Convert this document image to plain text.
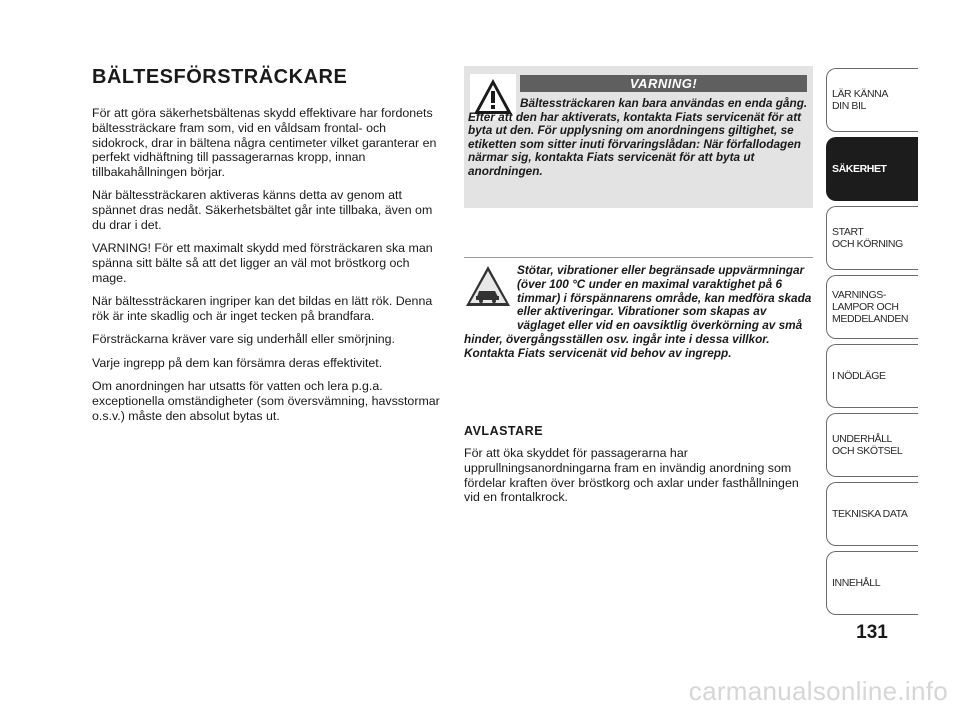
BÄLTESFÖRSTRÄCKARE

För att göra säkerhetsbältenas skydd effektivare har fordonets bältessträckare fram som, vid en våldsam frontal- och sidokrock, drar in bältena några centimeter vilket garanterar en perfekt vidhäftning till passagerarnas kropp, innan tillbakahållningen börjar.

När bältessträckaren aktiveras känns detta av genom att spännet dras nedåt. Säkerhetsbältet går inte tillbaka, även om du drar i det.

VARNING! För ett maximalt skydd med försträckaren ska man spänna sitt bälte så att det ligger an väl mot bröstkorg och mage.

När bältessträckaren ingriper kan det bildas en lätt rök. Denna rök är inte skadlig och är inget tecken på brandfara.

Försträckarna kräver vare sig underhåll eller smörjning.

Varje ingrepp på dem kan försämra deras effektivitet.

Om anordningen har utsatts för vatten och lera p.g.a. exceptionella omständigheter (som översvämning, havsstormar o.s.v.) måste den absolut bytas ut.

VARNING!

Bältessträckaren kan bara användas en enda gång. Efter att den har aktiverats, kontakta Fiats servicenät för att byta ut den. För upplysning om anordningens giltighet, se etiketten som sitter inuti förvaringslådan: När förfallodagen närmar sig, kontakta Fiats servicenät för att byta ut anordningen.

Stötar, vibrationer eller begränsade uppvärmningar (över 100 °C under en maximal varaktighet på 6 timmar) i förspännarens område, kan medföra skada eller aktiveringar. Vibrationer som skapas av väglaget eller vid en oavsiktlig överkörning av små hinder, övergångsställen osv. ingår inte i dessa villkor. Kontakta Fiats servicenät vid behov av ingrepp.

AVLASTARE

För att öka skyddet för passagerarna har upprullningsanordningarna fram en invändig anordning som fördelar kraften över bröstkorg och axlar under fasthållningen vid en frontalkrock.

LÄR KÄNNA
DIN BIL
SÄKERHET
START
OCH KÖRNING
VARNINGS-
LAMPOR OCH
MEDDELANDEN
I NÖDLÄGE
UNDERHÅLL
OCH SKÖTSEL
TEKNISKA DATA
INNEHÅLL

131

carmanualsonline.info
